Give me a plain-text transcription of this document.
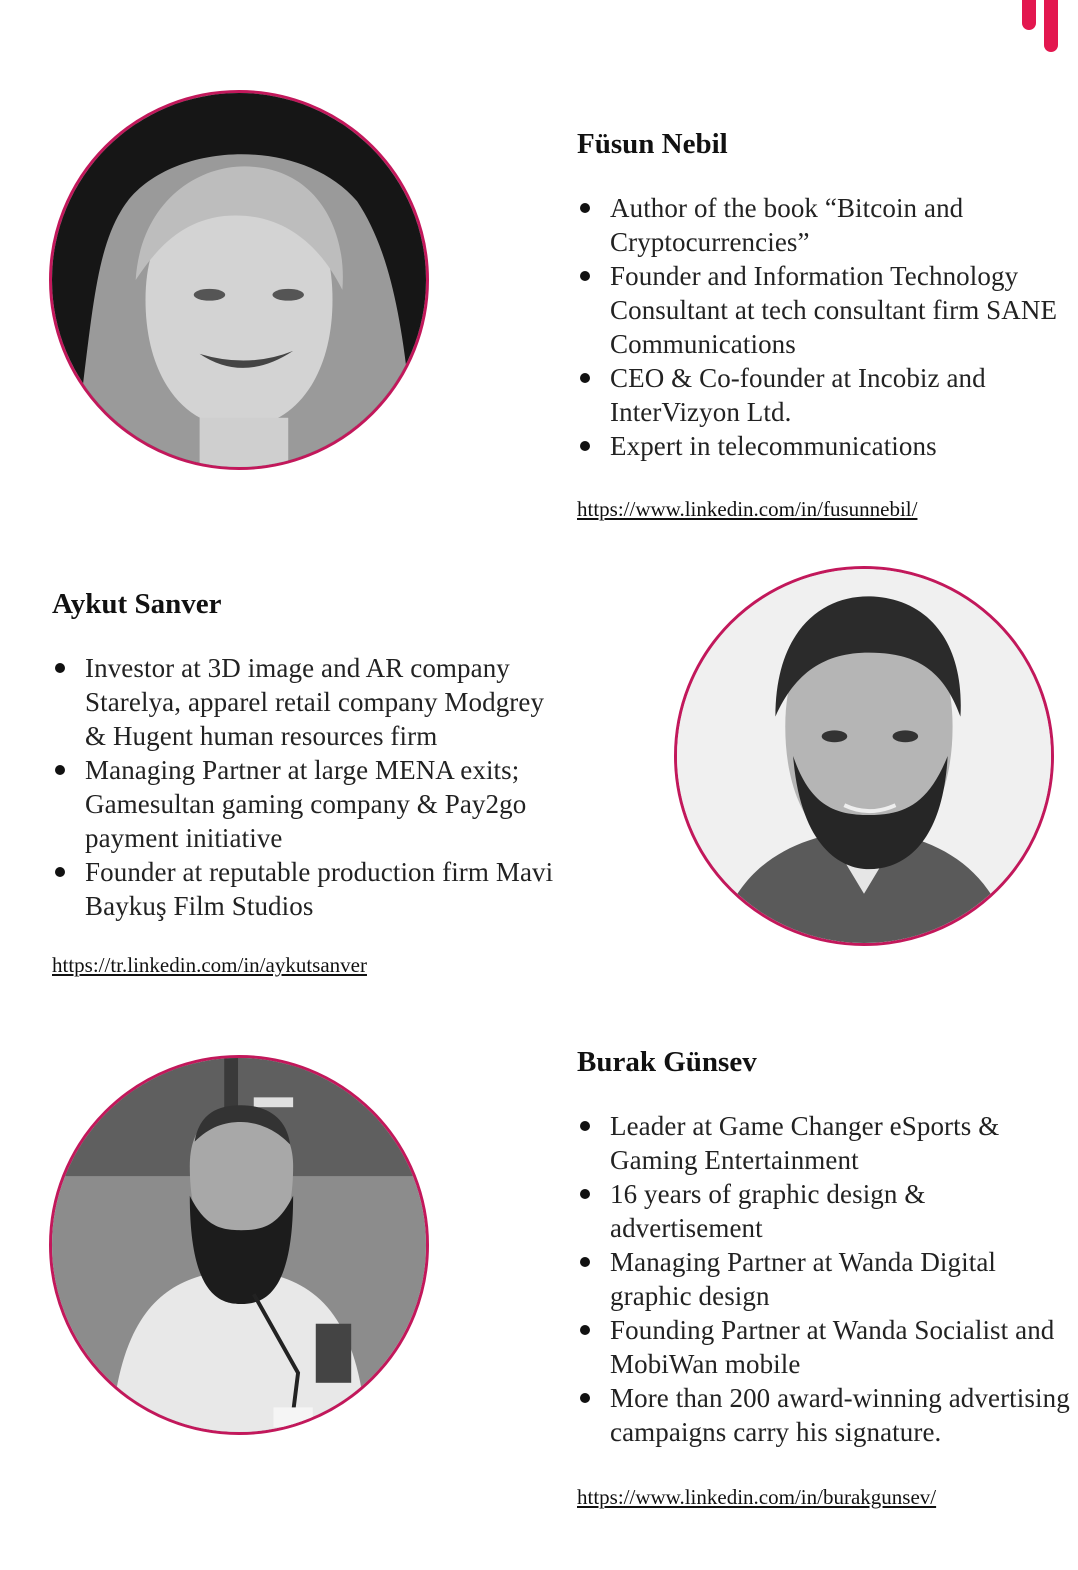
Füsun Nebil
Author of the book “Bitcoin and Cryptocurrencies”
Founder and Information Technology Consultant at tech consultant firm SANE Communications
CEO & Co-founder at Incobiz and InterVizyon Ltd.
Expert in telecommunications
https://www.linkedin.com/in/fusunnebil/
Aykut Sanver
Investor at 3D image and AR company Starelya, apparel retail company Modgrey & Hugent human resources firm
Managing Partner at large MENA exits; Gamesultan gaming company & Pay2go payment initiative
Founder at reputable production firm Mavi Baykuş Film Studios
https://tr.linkedin.com/in/aykutsanver
Burak Günsev
Leader at Game Changer eSports & Gaming Entertainment
16 years of graphic design & advertisement
Managing Partner at Wanda Digital graphic design
Founding Partner at Wanda Socialist and MobiWan mobile
More than 200 award-winning advertising campaigns carry his signature.
https://www.linkedin.com/in/burakgunsev/
